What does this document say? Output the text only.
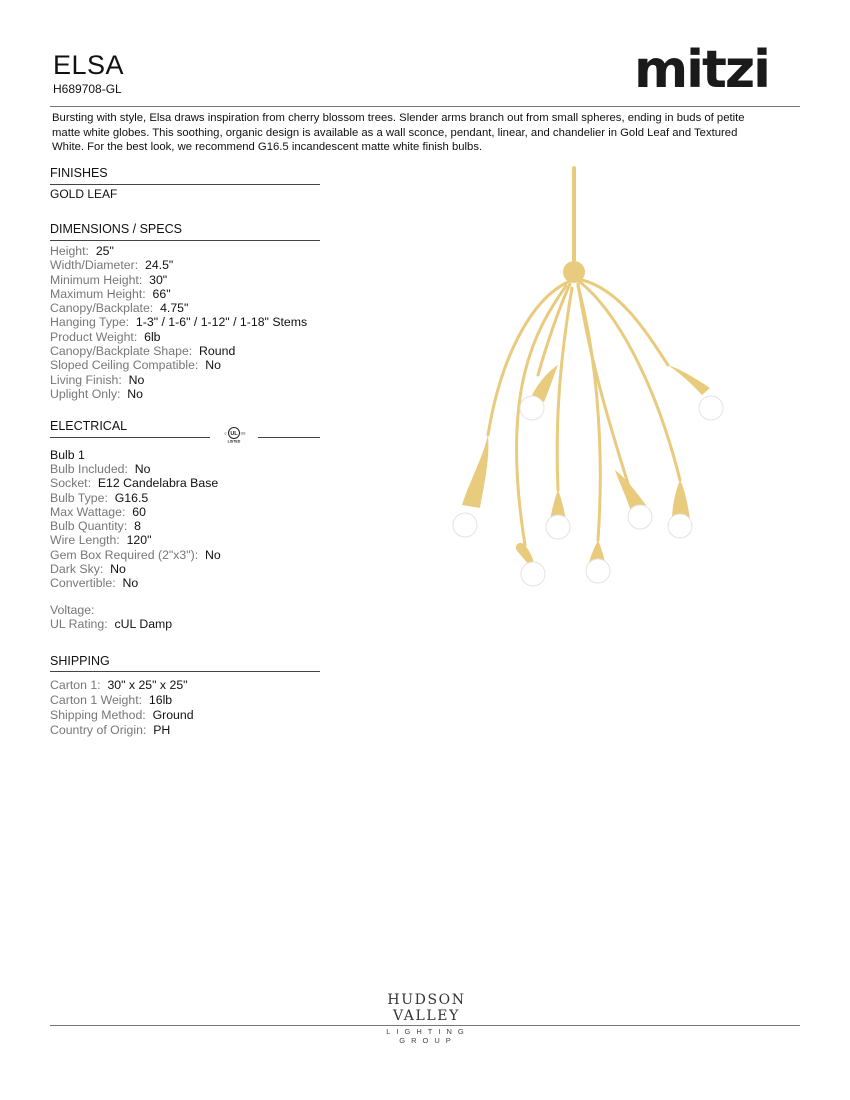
ELSA
H689708-GL	mitzi
Bursting with style, Elsa draws inspiration from cherry blossom trees. Slender arms branch out from small spheres, ending in buds of petite
matte white globes. This soothing, organic design is available as a wall sconce, pendant, linear, and chandelier in Gold Leaf and Textured
White. For the best look, we recommend G16.5 incandescent matte white finish bulbs.
FINISHES
GOLD LEAF
DIMENSIONS / SPECS
Height: 25"
Width/Diameter: 24.5"
Minimum Height: 30"
Maximum Height: 66"
Canopy/Backplate: 4.75"
Hanging Type: 1-3" / 1-6" / 1-12" / 1-18" Stems
Product Weight: 6lb
Canopy/Backplate Shape: Round
Sloped Ceiling Compatible: No
Living Finish: No
Uplight Only: No
ELECTRICAL
UL
c	US
LISTED
Bulb 1
Bulb Included: No
Socket: E12 Candelabra Base
Bulb Type: G16.5
Max Wattage: 60
Bulb Quantity: 8
Wire Length: 120"
Gem Box Required (2"x3"): No
Dark Sky: No
Convertible: No
Voltage:
UL Rating: cUL Damp
SHIPPING
Carton 1: 30" x 25" x 25"
Carton 1 Weight: 16lb
Shipping Method: Ground
Country of Origin: PH
HUDSON VALLEY
LIGHTING GROUP
